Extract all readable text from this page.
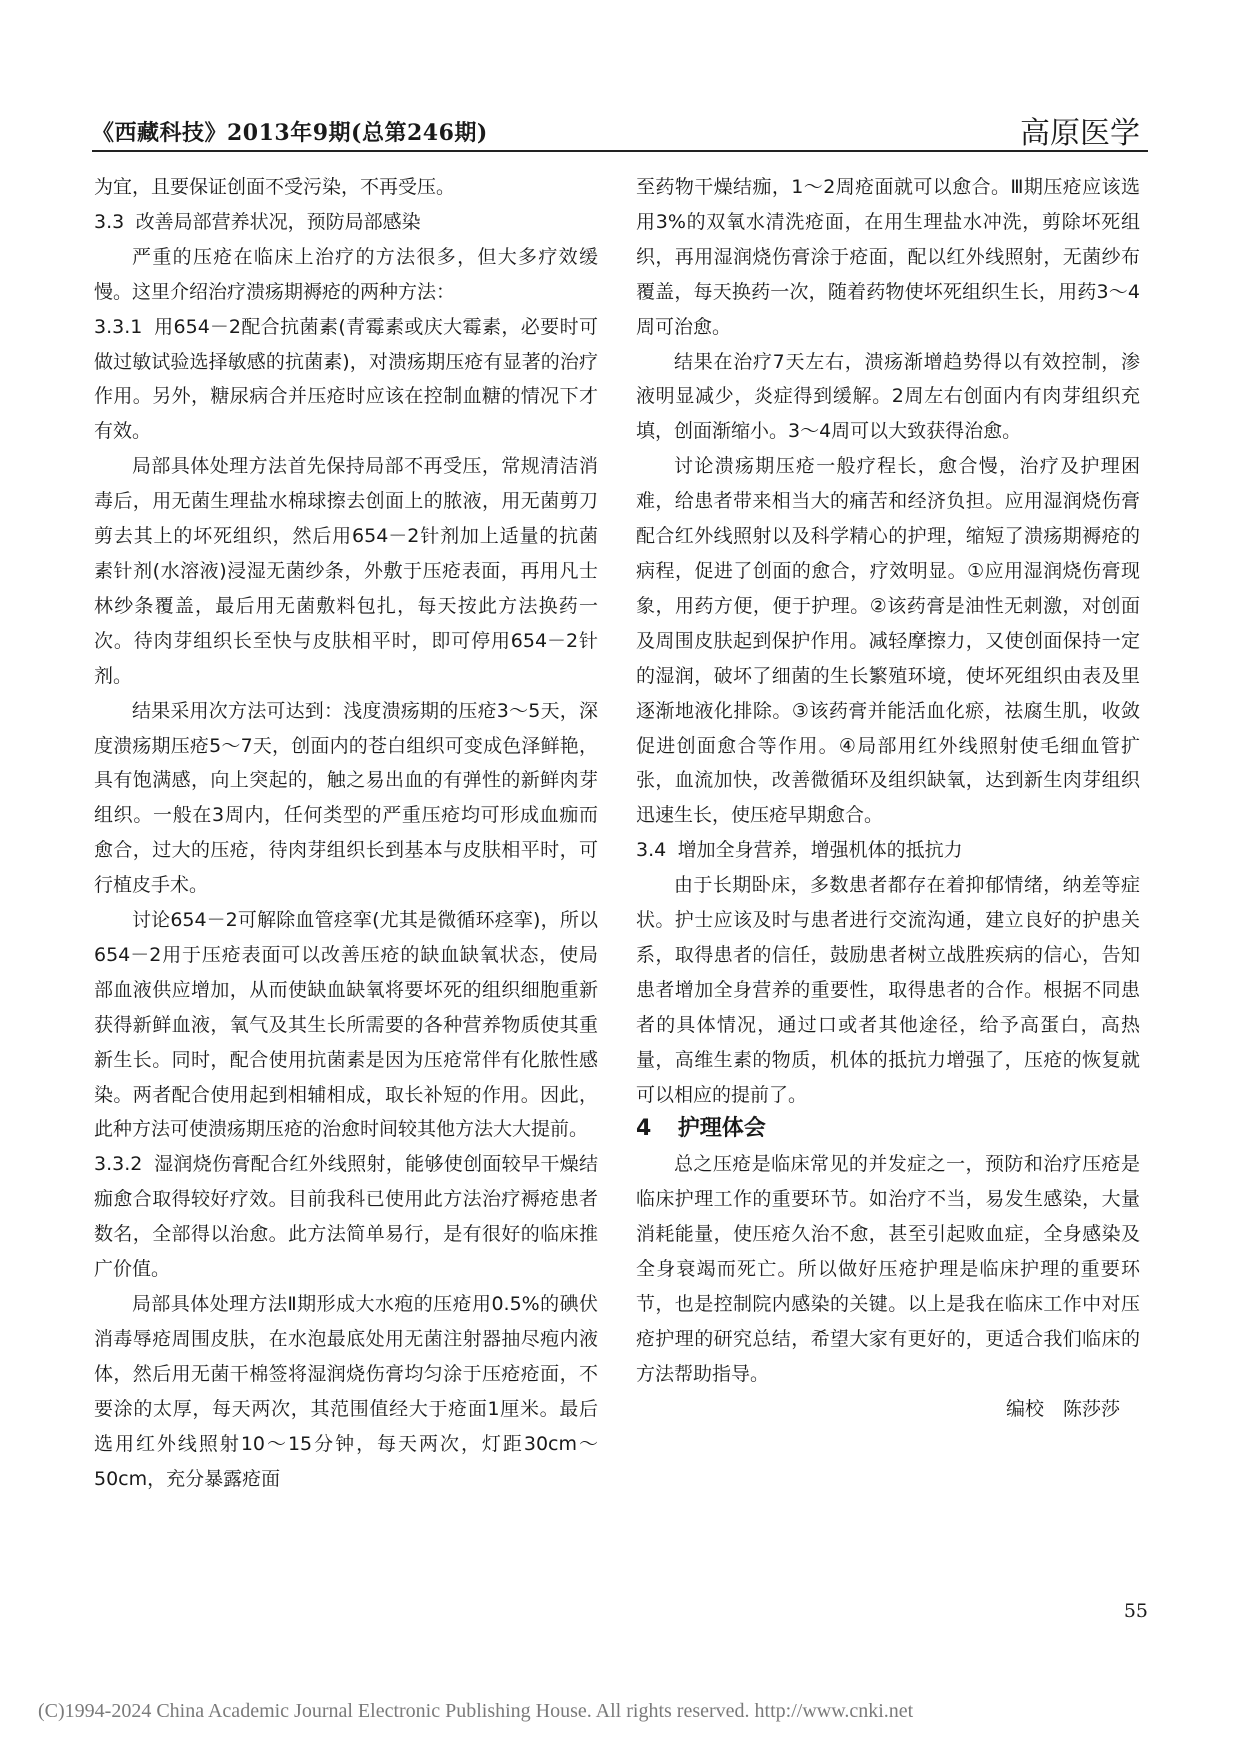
《西藏科技》2013年9期(总第246期)	高原医学

为宜，且要保证创面不受污染，不再受压。

3.3 改善局部营养状况，预防局部感染

严重的压疮在临床上治疗的方法很多，但大多疗效缓慢。这里介绍治疗溃疡期褥疮的两种方法：

3.3.1 用654－2配合抗菌素(青霉素或庆大霉素，必要时可做过敏试验选择敏感的抗菌素)，对溃疡期压疮有显著的治疗作用。另外，糖尿病合并压疮时应该在控制血糖的情况下才有效。

局部具体处理方法首先保持局部不再受压，常规清洁消毒后，用无菌生理盐水棉球擦去创面上的脓液，用无菌剪刀剪去其上的坏死组织，然后用654－2针剂加上适量的抗菌素针剂(水溶液)浸湿无菌纱条，外敷于压疮表面，再用凡士林纱条覆盖，最后用无菌敷料包扎，每天按此方法换药一次。待肉芽组织长至快与皮肤相平时，即可停用654－2针剂。

结果采用次方法可达到：浅度溃疡期的压疮3～5天，深度溃疡期压疮5～7天，创面内的苍白组织可变成色泽鲜艳，具有饱满感，向上突起的，触之易出血的有弹性的新鲜肉芽组织。一般在3周内，任何类型的严重压疮均可形成血痂而愈合，过大的压疮，待肉芽组织长到基本与皮肤相平时，可行植皮手术。

讨论654－2可解除血管痉挛(尤其是微循环痉挛)，所以654－2用于压疮表面可以改善压疮的缺血缺氧状态，使局部血液供应增加，从而使缺血缺氧将要坏死的组织细胞重新获得新鲜血液，氧气及其生长所需要的各种营养物质使其重新生长。同时，配合使用抗菌素是因为压疮常伴有化脓性感染。两者配合使用起到相辅相成，取长补短的作用。因此，此种方法可使溃疡期压疮的治愈时间较其他方法大大提前。

3.3.2 湿润烧伤膏配合红外线照射，能够使创面较早干燥结痂愈合取得较好疗效。目前我科已使用此方法治疗褥疮患者数名，全部得以治愈。此方法简单易行，是有很好的临床推广价值。

局部具体处理方法Ⅱ期形成大水疱的压疮用0.5%的碘伏消毒辱疮周围皮肤，在水泡最底处用无菌注射器抽尽疱内液体，然后用无菌干棉签将湿润烧伤膏均匀涂于压疮疮面，不要涂的太厚，每天两次，其范围值经大于疮面1厘米。最后选用红外线照射10～15分钟，每天两次，灯距30cm～50cm，充分暴露疮面

至药物干燥结痂，1～2周疮面就可以愈合。Ⅲ期压疮应该选用3%的双氧水清洗疮面，在用生理盐水冲洗，剪除坏死组织，再用湿润烧伤膏涂于疮面，配以红外线照射，无菌纱布覆盖，每天换药一次，随着药物使坏死组织生长，用药3～4周可治愈。

结果在治疗7天左右，溃疡渐增趋势得以有效控制，渗液明显减少，炎症得到缓解。2周左右创面内有肉芽组织充填，创面渐缩小。3～4周可以大致获得治愈。

讨论溃疡期压疮一般疗程长，愈合慢，治疗及护理困难，给患者带来相当大的痛苦和经济负担。应用湿润烧伤膏配合红外线照射以及科学精心的护理，缩短了溃疡期褥疮的病程，促进了创面的愈合，疗效明显。①应用湿润烧伤膏现象，用药方便，便于护理。②该药膏是油性无刺激，对创面及周围皮肤起到保护作用。减轻摩擦力，又使创面保持一定的湿润，破坏了细菌的生长繁殖环境，使坏死组织由表及里逐渐地液化排除。③该药膏并能活血化瘀，祛腐生肌，收敛促进创面愈合等作用。④局部用红外线照射使毛细血管扩张，血流加快，改善微循环及组织缺氧，达到新生肉芽组织迅速生长，使压疮早期愈合。

3.4 增加全身营养，增强机体的抵抗力

由于长期卧床，多数患者都存在着抑郁情绪，纳差等症状。护士应该及时与患者进行交流沟通，建立良好的护患关系，取得患者的信任，鼓励患者树立战胜疾病的信心，告知患者增加全身营养的重要性，取得患者的合作。根据不同患者的具体情况，通过口或者其他途径，给予高蛋白，高热量，高维生素的物质，机体的抵抗力增强了，压疮的恢复就可以相应的提前了。

4 护理体会

总之压疮是临床常见的并发症之一，预防和治疗压疮是临床护理工作的重要环节。如治疗不当，易发生感染，大量消耗能量，使压疮久治不愈，甚至引起败血症，全身感染及全身衰竭而死亡。所以做好压疮护理是临床护理的重要环节，也是控制院内感染的关键。以上是我在临床工作中对压疮护理的研究总结，希望大家有更好的，更适合我们临床的方法帮助指导。

编校　陈莎莎

55
(C)1994-2024 China Academic Journal Electronic Publishing House. All rights reserved. http://www.cnki.net
